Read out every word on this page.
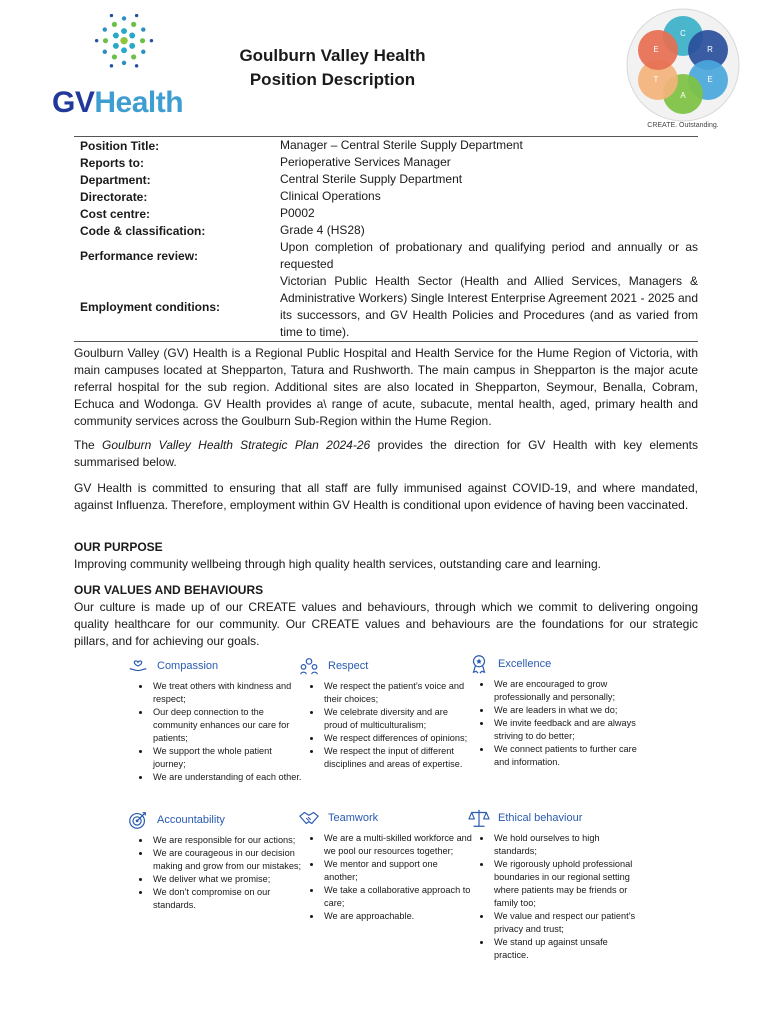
GVHealth
Goulburn Valley Health
Position Description
C
R
E
A
T
E
CREATE. Outstanding.
Position Title:	Manager – Central Sterile Supply Department
Reports to:	Perioperative Services Manager
Department:	Central Sterile Supply Department
Directorate:	Clinical Operations
Cost centre:	P0002
Code & classification:	Grade 4 (HS28)
Performance review:
Upon completion of probationary and qualifying period and annually or as requested
Employment conditions:
Victorian Public Health Sector (Health and Allied Services, Managers & Administrative Workers) Single Interest Enterprise Agreement 2021 - 2025 and its successors, and GV Health Policies and Procedures (and as varied from time to time).
Goulburn Valley (GV) Health is a Regional Public Hospital and Health Service for the Hume Region of Victoria, with main campuses located at Shepparton, Tatura and Rushworth. The main campus in Shepparton is the major acute referral hospital for the sub region. Additional sites are also located in Shepparton, Seymour, Benalla, Cobram, Echuca and Wodonga. GV Health provides a\ range of acute, subacute, mental health, aged, primary health and community services across the Goulburn Sub-Region within the Hume Region.
The Goulburn Valley Health Strategic Plan 2024-26 provides the direction for GV Health with key elements summarised below.
GV Health is committed to ensuring that all staff are fully immunised against COVID-19, and where mandated, against Influenza. Therefore, employment within GV Health is conditional upon evidence of having been vaccinated.
OUR PURPOSE
Improving community wellbeing through high quality health services, outstanding care and learning.
OUR VALUES AND BEHAVIOURS
Our culture is made up of our CREATE values and behaviours, through which we commit to delivering ongoing quality healthcare for our community. Our CREATE values and behaviours are the foundations for our strategic pillars, and for achieving our goals.
Compassion
• We treat others with kindness and respect;
• Our deep connection to the community enhances our care for patients;
• We support the whole patient journey;
• We are understanding of each other.
Respect
• We respect the patient’s voice and their choices;
• We celebrate diversity and are proud of multiculturalism;
• We respect differences of opinions;
• We respect the input of different disciplines and areas of expertise.
Excellence
• We are encouraged to grow professionally and personally;
• We are leaders in what we do;
• We invite feedback and are always striving to do better;
• We connect patients to further care and information.
Accountability
• We are responsible for our actions;
• We are courageous in our decision making and grow from our mistakes;
• We deliver what we promise;
• We don’t compromise on our standards.
Teamwork
• We are a multi-skilled workforce and we pool our resources together;
• We mentor and support one another;
• We take a collaborative approach to care;
• We are approachable.
Ethical behaviour
• We hold ourselves to high standards;
• We rigorously uphold professional boundaries in our regional setting where patients may be friends or family too;
• We value and respect our patient’s privacy and trust;
• We stand up against unsafe practice.
